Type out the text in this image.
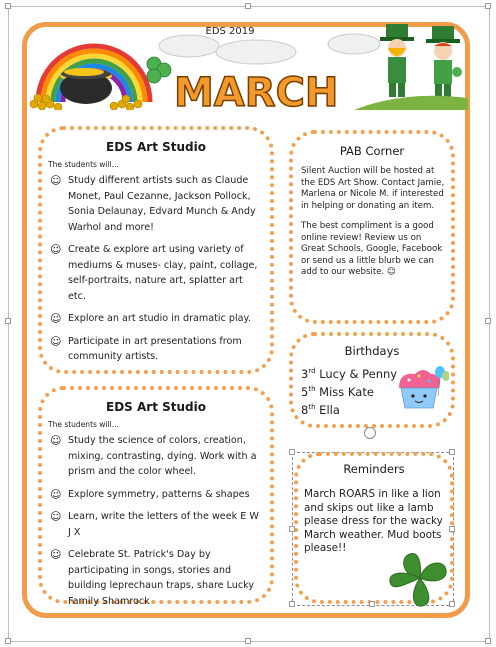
MARCH
EDS 2019
EDS Art Studio
The students will...
☺ Study different artists such as Claude Monet, Paul Cezanne, Jackson Pollock, Sonia Delaunay, Edvard Munch & Andy Warhol and more!
☺ Create & explore art using variety of mediums & muses- clay, paint, collage, self-portraits, nature art, splatter art etc.
☺ Explore an art studio in dramatic play.
☺ Participate in art presentations from community artists.
EDS Art Studio
The students will...
☺ Study the science of colors, creation, mixing, contrasting, dying. Work with a prism and the color wheel.
☺ Explore symmetry, patterns & shapes
☺ Learn, write the letters of the week E W J X
☺ Celebrate St. Patrick's Day by participating in songs, stories and building leprechaun traps, share Lucky Family Shamrock
PAB Corner
Silent Auction will be hosted at the EDS Art Show. Contact Jamie, Marlena or Nicole M. if interested in helping or donating an item.
The best compliment is a good online review! Review us on Great Schools, Google, Facebook or send us a little blurb we can add to our website. ☺
Birthdays
3rd Lucy & Penny
5th Miss Kate
8th Ella
Reminders
March ROARS in like a lion and skips out like a lamb please dress for the wacky March weather. Mud boots please!!
